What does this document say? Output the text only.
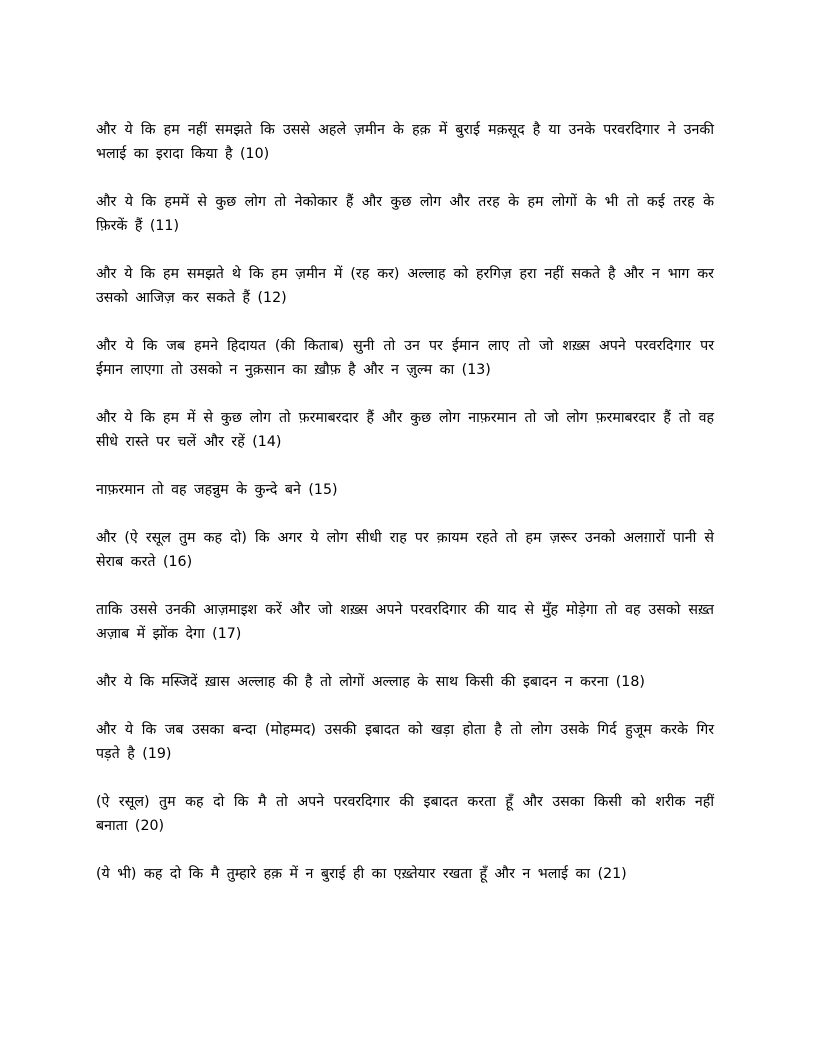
और ये कि हम नहीं समझते कि उससे अहले ज़मीन के हक़ में बुराई मक़सूद है या उनके परवरदिगार ने उनकी भलाई का इरादा किया है (10)
और ये कि हममें से कुछ लोग तो नेकोकार हैं और कुछ लोग और तरह के हम लोगों के भी तो कई तरह के फ़िरकें हैं (11)
और ये कि हम समझते थे कि हम ज़मीन में (रह कर) अल्लाह को हरगिज़ हरा नहीं सकते है और न भाग कर उसको आजिज़ कर सकते हैं (12)
और ये कि जब हमने हिदायत (की किताब) सुनी तो उन पर ईमान लाए तो जो शख़्स अपने परवरदिगार पर ईमान लाएगा तो उसको न नुक़सान का ख़ौफ़ है और न ज़ुल्म का (13)
और ये कि हम में से कुछ लोग तो फ़रमाबरदार हैं और कुछ लोग नाफ़रमान तो जो लोग फ़रमाबरदार हैं तो वह सीधे रास्ते पर चलें और रहें (14)
नाफ़रमान तो वह जहन्नुम के कुन्दे बने (15)
और (ऐ रसूल तुम कह दो) कि अगर ये लोग सीधी राह पर क़ायम रहते तो हम ज़रूर उनको अलग़ारों पानी से सेराब करते (16)
ताकि उससे उनकी आज़माइश करें और जो शख़्स अपने परवरदिगार की याद से मुँह मोड़ेगा तो वह उसको सख़्त अज़ाब में झोंक देगा (17)
और ये कि मस्जिदें ख़ास अल्लाह की है तो लोगों अल्लाह के साथ किसी की इबादन न करना (18)
और ये कि जब उसका बन्दा (मोहम्मद) उसकी इबादत को खड़ा होता है तो लोग उसके गिर्द हुजूम करके गिर पड़ते है (19)
(ऐ रसूल) तुम कह दो कि मै तो अपने परवरदिगार की इबादत करता हूँ और उसका किसी को शरीक नहीं बनाता (20)
(ये भी) कह दो कि मै तुम्हारे हक़ में न बुराई ही का एख़्तेयार रखता हूँ और न भलाई का (21)
